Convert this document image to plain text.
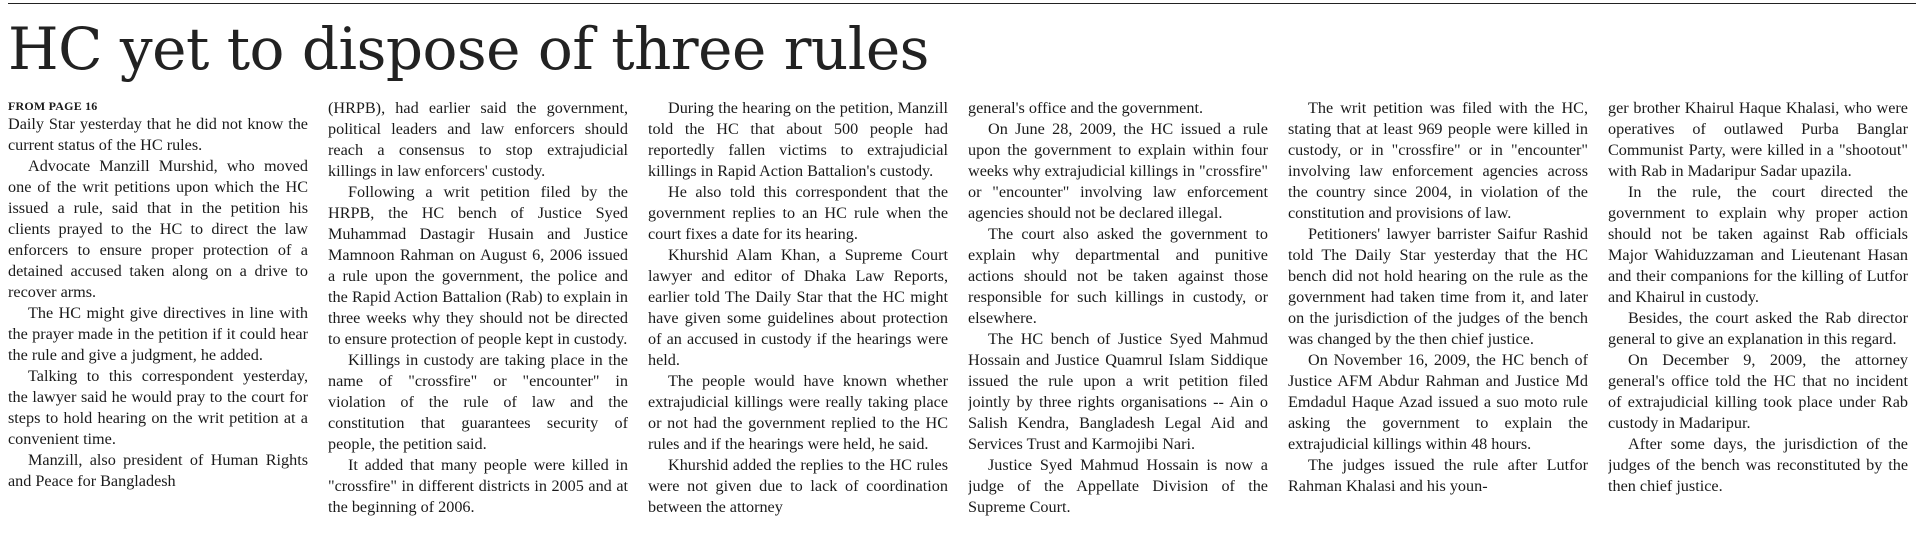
HC yet to dispose of three rules
FROM PAGE 16

Daily Star yesterday that he did not know the current status of the HC rules.

Advocate Manzill Murshid, who moved one of the writ petitions upon which the HC issued a rule, said that in the petition his clients prayed to the HC to direct the law enforcers to ensure proper protection of a detained accused taken along on a drive to recover arms.

The HC might give directives in line with the prayer made in the petition if it could hear the rule and give a judgment, he added.

Talking to this correspondent yesterday, the lawyer said he would pray to the court for steps to hold hearing on the writ petition at a convenient time.

Manzill, also president of Human Rights and Peace for Bangladesh

(HRPB), had earlier said the government, political leaders and law enforcers should reach a consensus to stop extrajudicial killings in law enforcers' custody.

Following a writ petition filed by the HRPB, the HC bench of Justice Syed Muhammad Dastagir Husain and Justice Mamnoon Rahman on August 6, 2006 issued a rule upon the government, the police and the Rapid Action Battalion (Rab) to explain in three weeks why they should not be directed to ensure protection of people kept in custody.

Killings in custody are taking place in the name of "crossfire" or "encounter" in violation of the rule of law and the constitution that guarantees security of people, the petition said.

It added that many people were killed in "crossfire" in different districts in 2005 and at the beginning of 2006.

During the hearing on the petition, Manzill told the HC that about 500 people had reportedly fallen victims to extrajudicial killings in Rapid Action Battalion's custody.

He also told this correspondent that the government replies to an HC rule when the court fixes a date for its hearing.

Khurshid Alam Khan, a Supreme Court lawyer and editor of Dhaka Law Reports, earlier told The Daily Star that the HC might have given some guidelines about protection of an accused in custody if the hearings were held.

The people would have known whether extrajudicial killings were really taking place or not had the government replied to the HC rules and if the hearings were held, he said.

Khurshid added the replies to the HC rules were not given due to lack of coordination between the attorney

general's office and the government.

On June 28, 2009, the HC issued a rule upon the government to explain within four weeks why extrajudicial killings in "crossfire" or "encounter" involving law enforcement agencies should not be declared illegal.

The court also asked the government to explain why departmental and punitive actions should not be taken against those responsible for such killings in custody, or elsewhere.

The HC bench of Justice Syed Mahmud Hossain and Justice Quamrul Islam Siddique issued the rule upon a writ petition filed jointly by three rights organisations -- Ain o Salish Kendra, Bangladesh Legal Aid and Services Trust and Karmojibi Nari.

Justice Syed Mahmud Hossain is now a judge of the Appellate Division of the Supreme Court.

The writ petition was filed with the HC, stating that at least 969 people were killed in custody, or in "crossfire" or in "encounter" involving law enforcement agencies across the country since 2004, in violation of the constitution and provisions of law.

Petitioners' lawyer barrister Saifur Rashid told The Daily Star yesterday that the HC bench did not hold hearing on the rule as the government had taken time from it, and later on the jurisdiction of the judges of the bench was changed by the then chief justice.

On November 16, 2009, the HC bench of Justice AFM Abdur Rahman and Justice Md Emdadul Haque Azad issued a suo moto rule asking the government to explain the extrajudicial killings within 48 hours.

The judges issued the rule after Lutfor Rahman Khalasi and his youn-

ger brother Khairul Haque Khalasi, who were operatives of outlawed Purba Banglar Communist Party, were killed in a "shootout" with Rab in Madaripur Sadar upazila.

In the rule, the court directed the government to explain why proper action should not be taken against Rab officials Major Wahiduzzaman and Lieutenant Hasan and their companions for the killing of Lutfor and Khairul in custody.

Besides, the court asked the Rab director general to give an explanation in this regard.

On December 9, 2009, the attorney general's office told the HC that no incident of extrajudicial killing took place under Rab custody in Madaripur.

After some days, the jurisdiction of the judges of the bench was reconstituted by the then chief justice.
